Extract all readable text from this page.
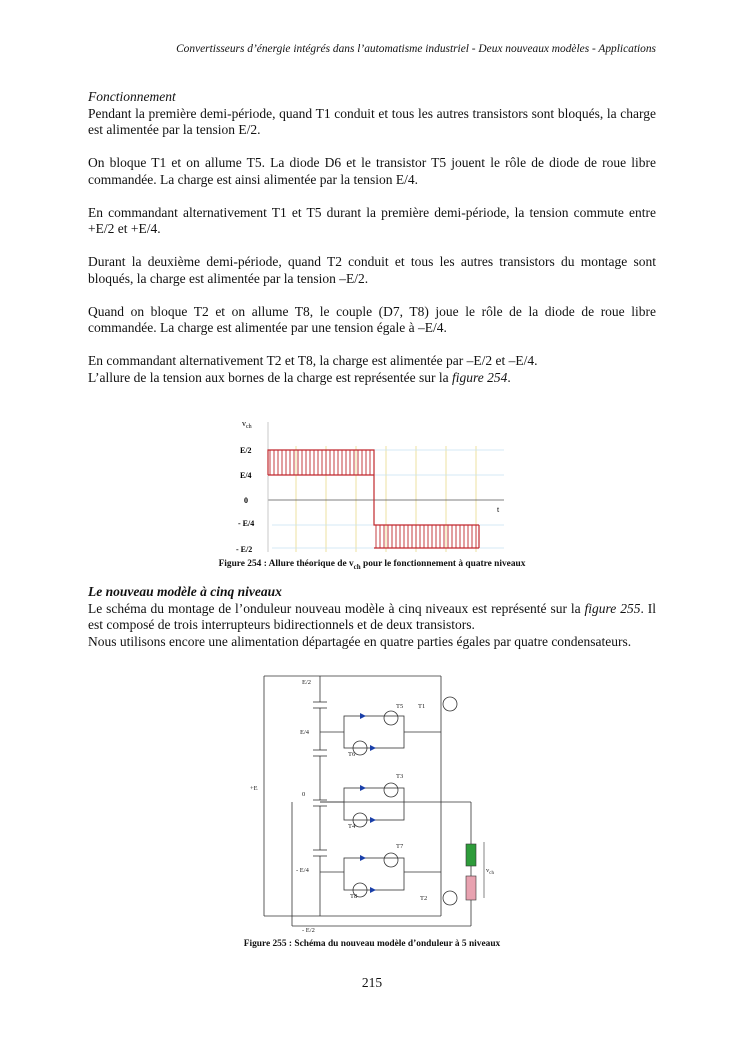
Convertisseurs d’énergie intégrés dans l’automatisme industriel - Deux nouveaux modèles - Applications
Fonctionnement

Pendant la première demi-période, quand T1 conduit et tous les autres transistors sont bloqués, la charge est alimentée par la tension E/2.

On bloque T1 et on allume T5. La diode D6 et le transistor T5 jouent le rôle de diode de roue libre commandée. La charge est ainsi alimentée par la tension E/4.

En commandant alternativement T1 et T5 durant la première demi-période, la tension commute entre +E/2 et +E/4.

Durant la deuxième demi-période, quand T2 conduit et tous les autres transistors du montage sont bloqués, la charge est alimentée par la tension –E/2.

Quand on bloque T2 et on allume T8, le couple (D7, T8) joue le rôle de la diode de roue libre commandée. La charge est alimentée par une tension égale à –E/4.

En commandant alternativement T2 et T8, la charge est alimentée par –E/2 et –E/4.
L’allure de la tension aux bornes de la charge est représentée sur la figure 254.

$v_{ch}$
E/2
E/4
0
- E/4
- E/2
t
Figure 254 : Allure théorique de $v_{ch}$ pour le fonctionnement à quatre niveaux

Le nouveau modèle à cinq niveaux

Le schéma du montage de l’onduleur nouveau modèle à cinq niveaux est représenté sur la figure 255. Il est composé de trois interrupteurs bidirectionnels et de deux transistors.

Nous utilisons encore une alimentation départagée en quatre parties égales par quatre condensateurs.

E/2
E/4
0
- E/4
- E/2
+E
T1
T2
T3
T4
T5
T6
T7
T8
$v_{ch}$
Figure 255 : Schéma du nouveau modèle d’onduleur à 5 niveaux
215
